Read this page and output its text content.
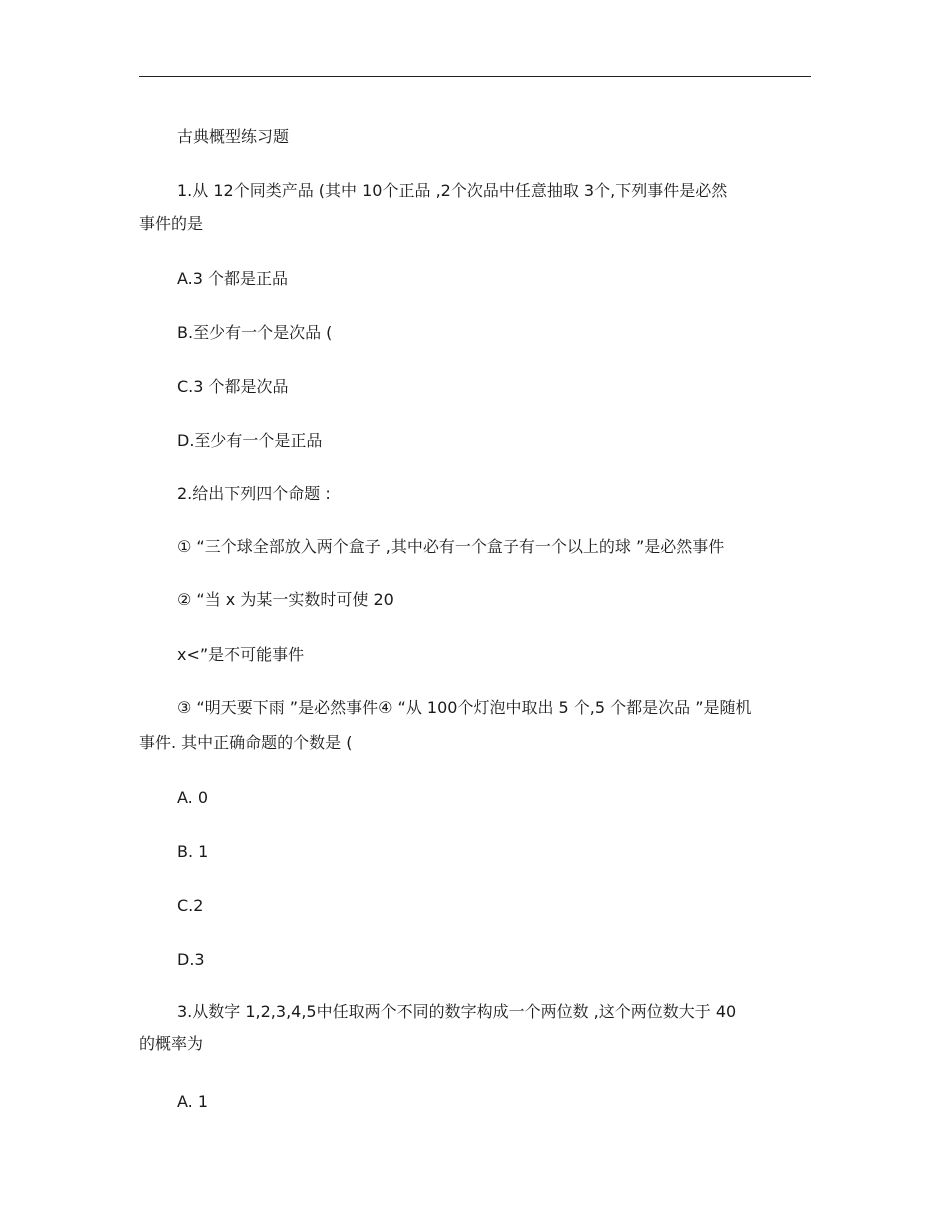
古典概型练习题
1.从 12个同类产品 (其中 10个正品 ,2个次品中任意抽取 3个,下列事件是必然
事件的是
A.3 个都是正品
B.至少有一个是次品 (
C.3 个都是次品
D.至少有一个是正品
2.给出下列四个命题 :
① “三个球全部放入两个盒子 ,其中必有一个盒子有一个以上的球 ”是必然事件
② “当 x 为某一实数时可使 20
x<”是不可能事件
③ “明天要下雨 ”是必然事件④ “从 100个灯泡中取出 5 个,5 个都是次品 ”是随机
事件. 其中正确命题的个数是 (
A. 0
B. 1
C.2
D.3
3.从数字 1,2,3,4,5中任取两个不同的数字构成一个两位数 ,这个两位数大于 40
的概率为
A. 1
